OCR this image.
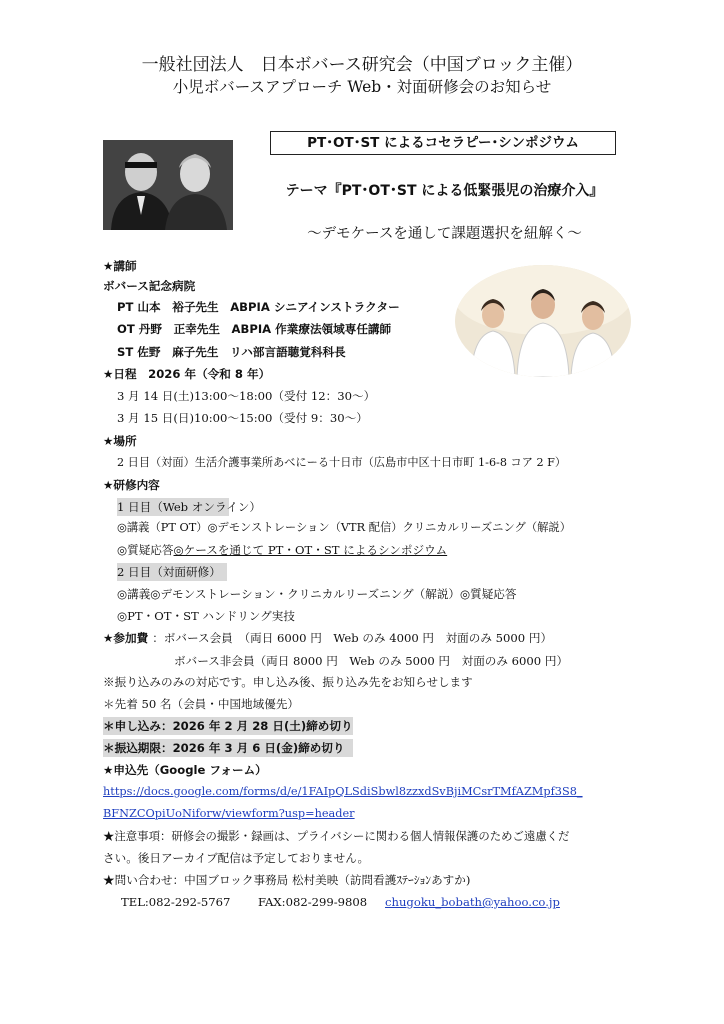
一般社団法人　日本ボバース研究会（中国ブロック主催）
小児ボバースアプローチ Web・対面研修会のお知らせ
PT･OT･ST によるコセラピー･シンポジウム
テーマ『PT･OT･ST による低緊張児の治療介入』
～デモケースを通して課題選択を紐解く～
★講師
ボバース記念病院
PT 山本　裕子先生　ABPIA シニアインストラクター
OT 丹野　正幸先生　ABPIA 作業療法領域専任講師
ST 佐野　麻子先生　リハ部言語聴覚科科長
★日程　2026 年（令和 8 年）
3 月 14 日(土)13:00～18:00（受付 12：30～）
3 月 15 日(日)10:00～15:00（受付 9：30～）
★場所
2 日目（対面）生活介護事業所あべにーる十日市（広島市中区十日市町 1-6-8 コア 2 F）
★研修内容
1 日目（Web オンライン）
◎講義（PT OT）◎デモンストレーション（VTR 配信）クリニカルリーズニング（解説）
◎質疑応答◎ケースを通じて PT・OT・ST によるシンポジウム
2 日目（対面研修）
◎講義◎デモンストレーション・クリニカルリーズニング（解説）◎質疑応答
◎PT・OT・ST ハンドリング実技
★参加費 ：ボバース会員　（両日 6000 円　Web のみ 4000 円　対面のみ 5000 円）
ボバース非会員（両日 8000 円　Web のみ 5000 円　対面のみ 6000 円）
※振り込みのみの対応です。申し込み後、振り込み先をお知らせします
＊先着 50 名（会員・中国地域優先）
＊申し込み：2026 年 2 月 28 日(土)締め切り
＊振込期限：2026 年 3 月 6 日(金)締め切り
★申込先（Google フォーム）
https://docs.google.com/forms/d/e/1FAIpQLSdiSbwl8zzxdSvBjiMCsrTMfAZMpf3S8_
BFNZCOpiUoNiforw/viewform?usp=header
★注意事項：研修会の撮影・録画は、プライバシーに関わる個人情報保護のためご遠慮くだ
さい。後日アーカイブ配信は予定しておりません。
★問い合わせ：中国ブロック事務局 松村美映（訪問看護ｽﾃｰｼｮﾝあすか)
TEL:082-292-5767 FAX:082-299-9808 chugoku_bobath@yahoo.co.jp
